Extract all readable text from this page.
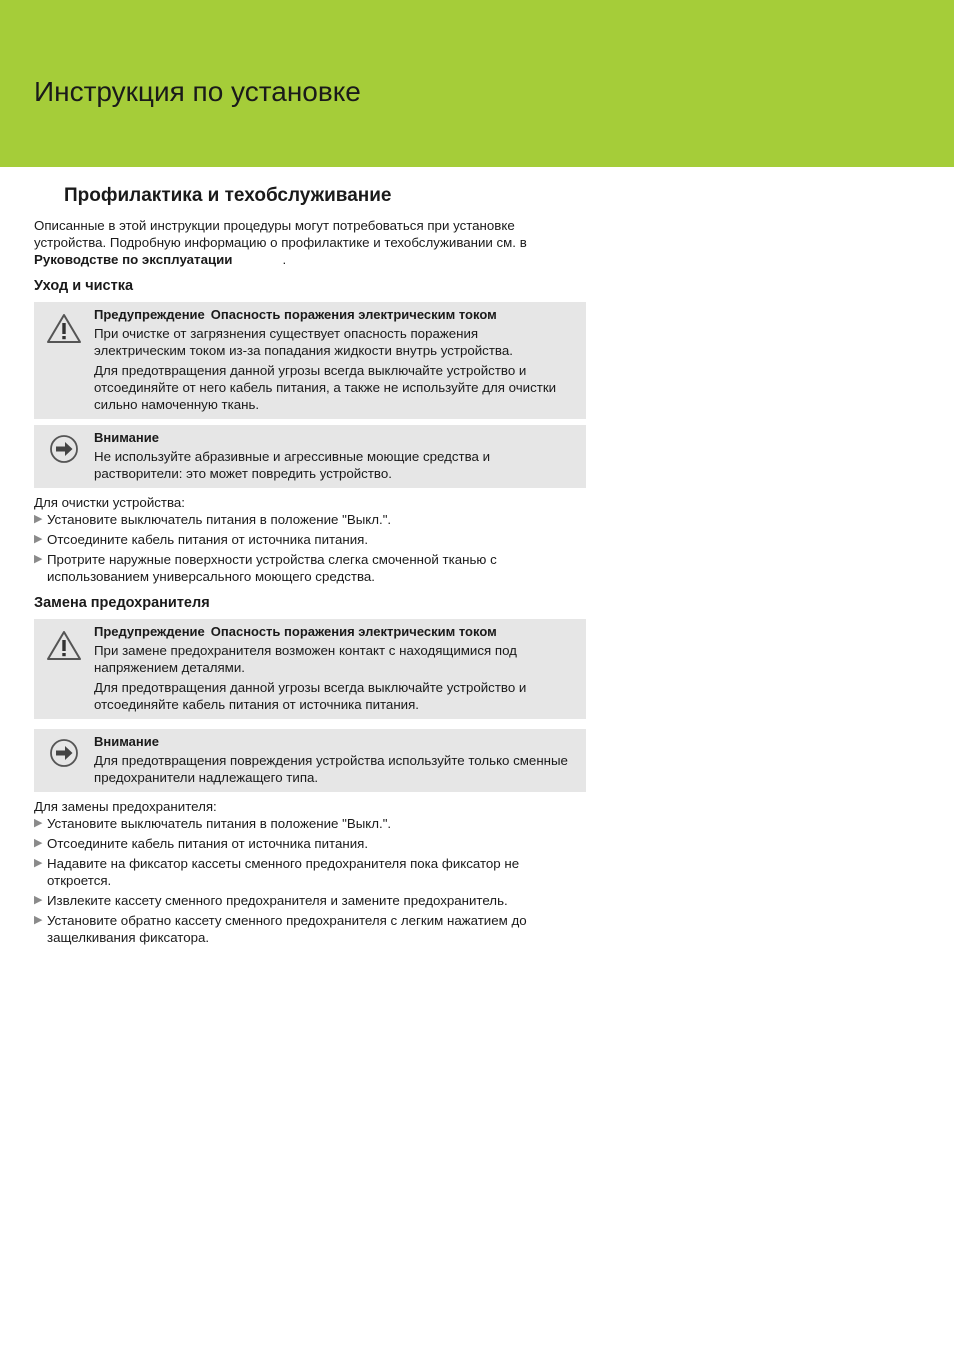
Инструкция по установке
Профилактика и техобслуживание

Описанные в этой инструкции процедуры могут потребоваться при установке устройства. Подробную информацию о профилактике и техобслуживании см. в Руководстве по эксплуатации	.

Уход и чистка
Предупреждение Опасность поражения электрическим током

При очистке от загрязнения существует опасность поражения электрическим током из-за попадания жидкости внутрь устройства.

Для предотвращения данной угрозы всегда выключайте устройство и отсоединяйте от него кабель питания, а также не используйте для очистки сильно намоченную ткань.

Внимание

Не используйте абразивные и агрессивные моющие средства и растворители: это может повредить устройство.

Для очистки устройства:

▶ Установите выключатель питания в положение "Выкл.".
▶ Отсоедините кабель питания от источника питания.
▶ Протрите наружные поверхности устройства слегка смоченной тканью с использованием универсального моющего средства.
Замена предохранителя
Предупреждение Опасность поражения электрическим током

При замене предохранителя возможен контакт с находящимися под напряжением деталями.

Для предотвращения данной угрозы всегда выключайте устройство и отсоединяйте кабель питания от источника питания.

Внимание

Для предотвращения повреждения устройства используйте только сменные предохранители надлежащего типа.

Для замены предохранителя:

▶ Установите выключатель питания в положение "Выкл.".
▶ Отсоедините кабель питания от источника питания.
▶ Надавите на фиксатор кассеты сменного предохранителя пока фиксатор не откроется.
▶ Извлеките кассету сменного предохранителя и замените предохранитель.
▶ Установите обратно кассету сменного предохранителя с легким нажатием до защелкивания фиксатора.
